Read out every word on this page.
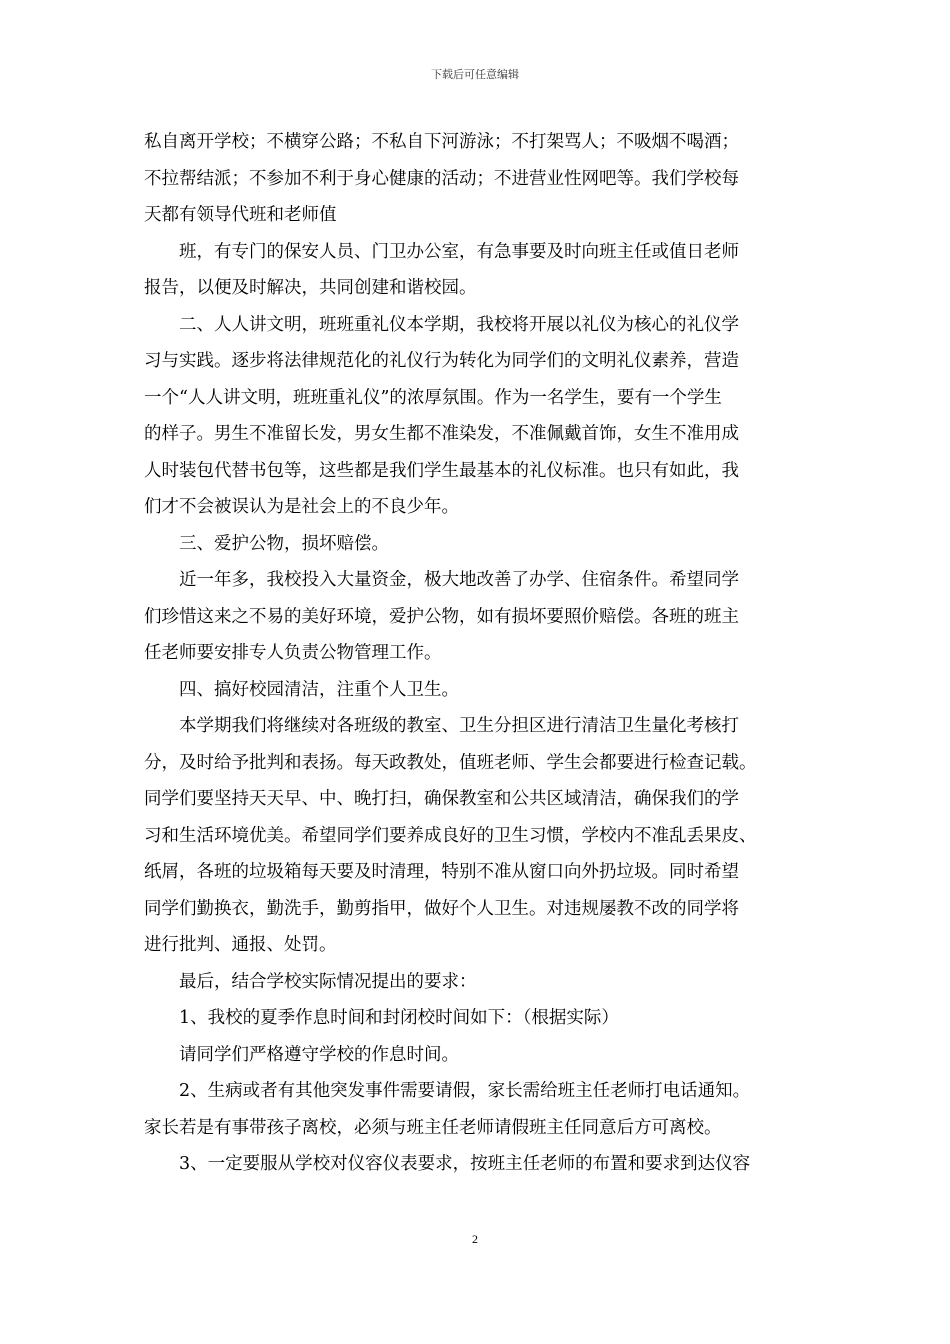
下载后可任意编辑

私自离开学校；不横穿公路；不私自下河游泳；不打架骂人；不吸烟不喝酒；
不拉帮结派；不参加不利于身心健康的活动；不进营业性网吧等。我们学校每
天都有领导代班和老师值

班，有专门的保安人员、门卫办公室，有急事要及时向班主任或值日老师
报告，以便及时解决，共同创建和谐校园。

二、人人讲文明，班班重礼仪本学期，我校将开展以礼仪为核心的礼仪学
习与实践。逐步将法律规范化的礼仪行为转化为同学们的文明礼仪素养，营造
一个“人人讲文明，班班重礼仪”的浓厚氛围。作为一名学生，要有一个学生
的样子。男生不准留长发，男女生都不准染发，不准佩戴首饰，女生不准用成
人时装包代替书包等，这些都是我们学生最基本的礼仪标准。也只有如此，我
们才不会被误认为是社会上的不良少年。

三、爱护公物，损坏赔偿。

近一年多，我校投入大量资金，极大地改善了办学、住宿条件。希望同学
们珍惜这来之不易的美好环境，爱护公物，如有损坏要照价赔偿。各班的班主
任老师要安排专人负责公物管理工作。

四、搞好校园清洁，注重个人卫生。

本学期我们将继续对各班级的教室、卫生分担区进行清洁卫生量化考核打
分，及时给予批判和表扬。每天政教处，值班老师、学生会都要进行检查记载。
同学们要坚持天天早、中、晚打扫，确保教室和公共区域清洁，确保我们的学
习和生活环境优美。希望同学们要养成良好的卫生习惯，学校内不准乱丢果皮、
纸屑，各班的垃圾箱每天要及时清理，特别不准从窗口向外扔垃圾。同时希望
同学们勤换衣，勤洗手，勤剪指甲，做好个人卫生。对违规屡教不改的同学将
进行批判、通报、处罚。

最后，结合学校实际情况提出的要求：

1、我校的夏季作息时间和封闭校时间如下：（根据实际）

请同学们严格遵守学校的作息时间。

2、生病或者有其他突发事件需要请假，家长需给班主任老师打电话通知。
家长若是有事带孩子离校，必须与班主任老师请假班主任同意后方可离校。

3、一定要服从学校对仪容仪表要求，按班主任老师的布置和要求到达仪容

2
